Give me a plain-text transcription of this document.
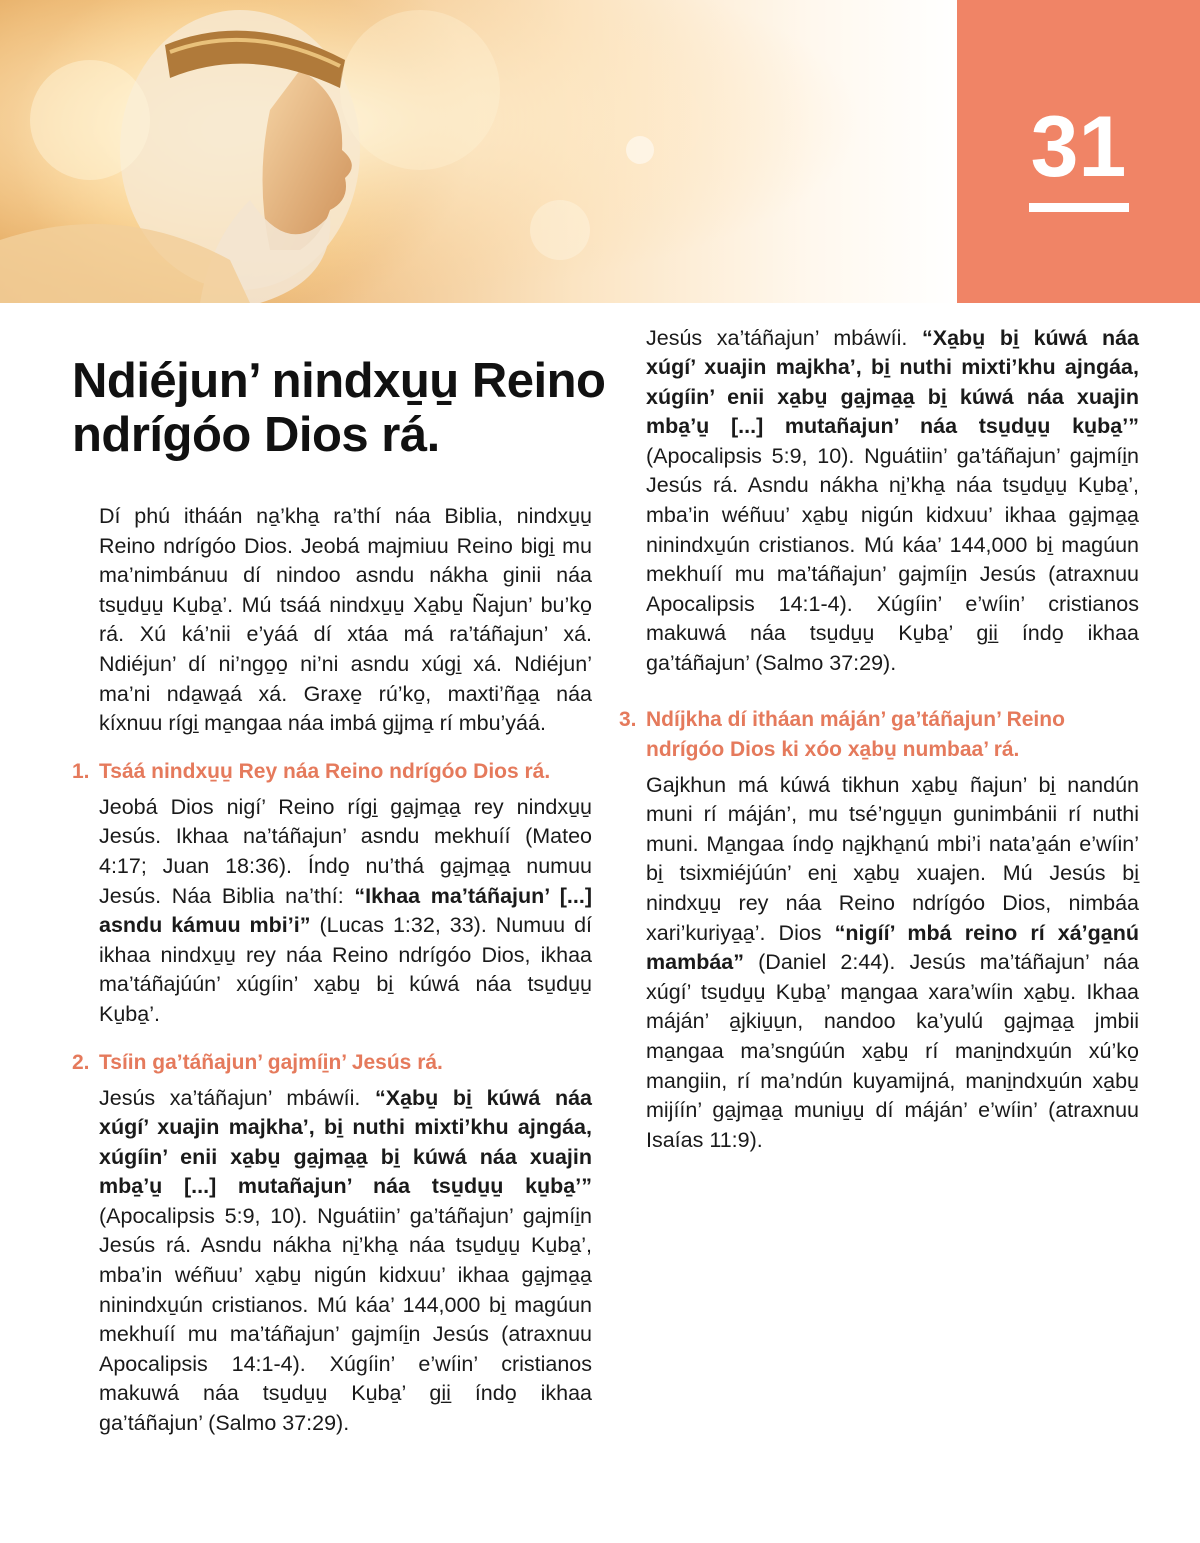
31
Ndiéjun’ nindxu̱u̱ Reino ndrígóo Dios rá.

Dí phú itháán na̱’kha̱ ra’thí náa Biblia, nindxu̱u̱ Reino ndrígóo Dios. Jeobá majmiuu Reino bigi̱ mu ma’nimbánuu dí nindoo asndu nákha ginii náa tsu̱du̱u̱ Ku̱ba̱’. Mú tsáá nindxu̱u̱ Xa̱bu̱ Ñajun’ bu’ko̱ rá. Xú ká’nii e’yáá dí xtáa má ra’táñajun’ xá. Ndiéjun’ dí ni’ngo̱o̱ ni’ni asndu xúgi̱ xá. Ndiéjun’ ma’ni nda̱wa̱á xá. Graxe̱ rú’ko̱, maxti’ña̱a̱ náa kíxnuu rígi̱ ma̱ngaa náa imbá gi̱jma̱ rí mbu’yáá.

1. Tsáá nindxu̱u̱ Rey náa Reino ndrígóo Dios rá.

Jeobá Dios nigí’ Reino rígi̱ ga̱jma̱a̱ rey nindxu̱u̱ Jesús. Ikhaa na’táñajun’ asndu mekhuíí (Mateo 4:17; Juan 18:36). Índo̱ nu’thá ga̱jma̱a̱ numuu Jesús. Náa Biblia na’thí: “Ikhaa ma’táñajun’ [...] asndu kámuu mbi’i” (Lucas 1:32, 33). Numuu dí ikhaa nindxu̱u̱ rey náa Reino ndrígóo Dios, ikhaa ma’táñajúún’ xúgíin’ xa̱bu̱ bi̱ kúwá náa tsu̱du̱u̱ Ku̱ba̱’.

2. Tsíin ga’táñajun’ gajmíi̱n’ Jesús rá.

Jesús xa’táñajun’ mbáwíi. “Xa̱bu̱ bi̱ kúwá náa xúgí’ xuajin majkha’, bi̱ nuthi mixti’khu ajngáa, xúgíin’ enii xa̱bu̱ ga̱jma̱a̱ bi̱ kúwá náa xuajin mba̱’u̱ [...] mutañajun’ náa tsu̱du̱u̱ ku̱ba̱’” (Apocalipsis 5:9, 10). Nguátiin’ ga’táñajun’ gajmíi̱n Jesús rá. Asndu nákha ni̱’kha̱ náa tsu̱du̱u̱ Ku̱ba̱’, mba’in wéñuu’ xa̱bu̱ nigún kidxuu’ ikhaa ga̱jma̱a̱ ninindxu̱ún cristianos. Mú káa’ 144,000 bi̱ magúun mekhuíí mu ma’táñajun’ gajmíi̱n Jesús (atraxnuu Apocalipsis 14:1-4). Xúgíin’ e’wíin’ cristianos makuwá náa tsu̱du̱u̱ Ku̱ba̱’ gi̱i̱ índo̱ ikhaa ga’táñajun’ (Salmo 37:29).

Jesús xa’táñajun’ mbáwíi. “Xa̱bu̱ bi̱ kúwá náa xúgí’ xuajin majkha’, bi̱ nuthi mixti’khu ajngáa, xúgíin’ enii xa̱bu̱ ga̱jma̱a̱ bi̱ kúwá náa xuajin mba̱’u̱ [...] mutañajun’ náa tsu̱du̱u̱ ku̱ba̱’” (Apocalipsis 5:9, 10). Nguátiin’ ga’táñajun’ gajmíi̱n Jesús rá. Asndu nákha ni̱’kha̱ náa tsu̱du̱u̱ Ku̱ba̱’, mba’in wéñuu’ xa̱bu̱ nigún kidxuu’ ikhaa ga̱jma̱a̱ ninindxu̱ún cristianos. Mú káa’ 144,000 bi̱ magúun mekhuíí mu ma’táñajun’ gajmíi̱n Jesús (atraxnuu Apocalipsis 14:1-4). Xúgíin’ e’wíin’ cristianos makuwá náa tsu̱du̱u̱ Ku̱ba̱’ gi̱i̱ índo̱ ikhaa ga’táñajun’ (Salmo 37:29).

3. Ndíjkha dí itháan máján’ ga’táñajun’ Reino ndrígóo Dios ki xóo xa̱bu̱ numbaa’ rá.

Gajkhun má kúwá tikhun xa̱bu̱ ñajun’ bi̱ nandún muni rí máján’, mu tsé’ngu̱u̱n gunimbánii rí nuthi muni. Ma̱ngaa índo̱ na̱jkha̱nú mbi’i nata’a̱án e’wíin’ bi̱ tsixmiéjúún’ eni̱ xa̱bu̱ xuajen. Mú Jesús bi̱ nindxu̱u̱ rey náa Reino ndrígóo Dios, nimbáa xari’kuriya̱a̱’. Dios “nigíí’ mbá reino rí xá’ga̱nú mambáa” (Daniel 2:44). Jesús ma’táñajun’ náa xúgí’ tsu̱du̱u̱ Ku̱ba̱’ ma̱ngaa xara’wíin xa̱bu̱. Ikhaa máján’ a̱jkiu̱u̱n, nandoo ka’yulú ga̱jma̱a̱ jmbii ma̱ngaa ma’sngúún xa̱bu̱ rí mani̱ndxu̱ún xú’ko̱ mangiin, rí ma’ndún kuyamijná, mani̱ndxu̱ún xa̱bu̱ mijíín’ ga̱jma̱a̱ muniu̱u̱ dí máján’ e’wíin’ (atraxnuu Isaías 11:9).
